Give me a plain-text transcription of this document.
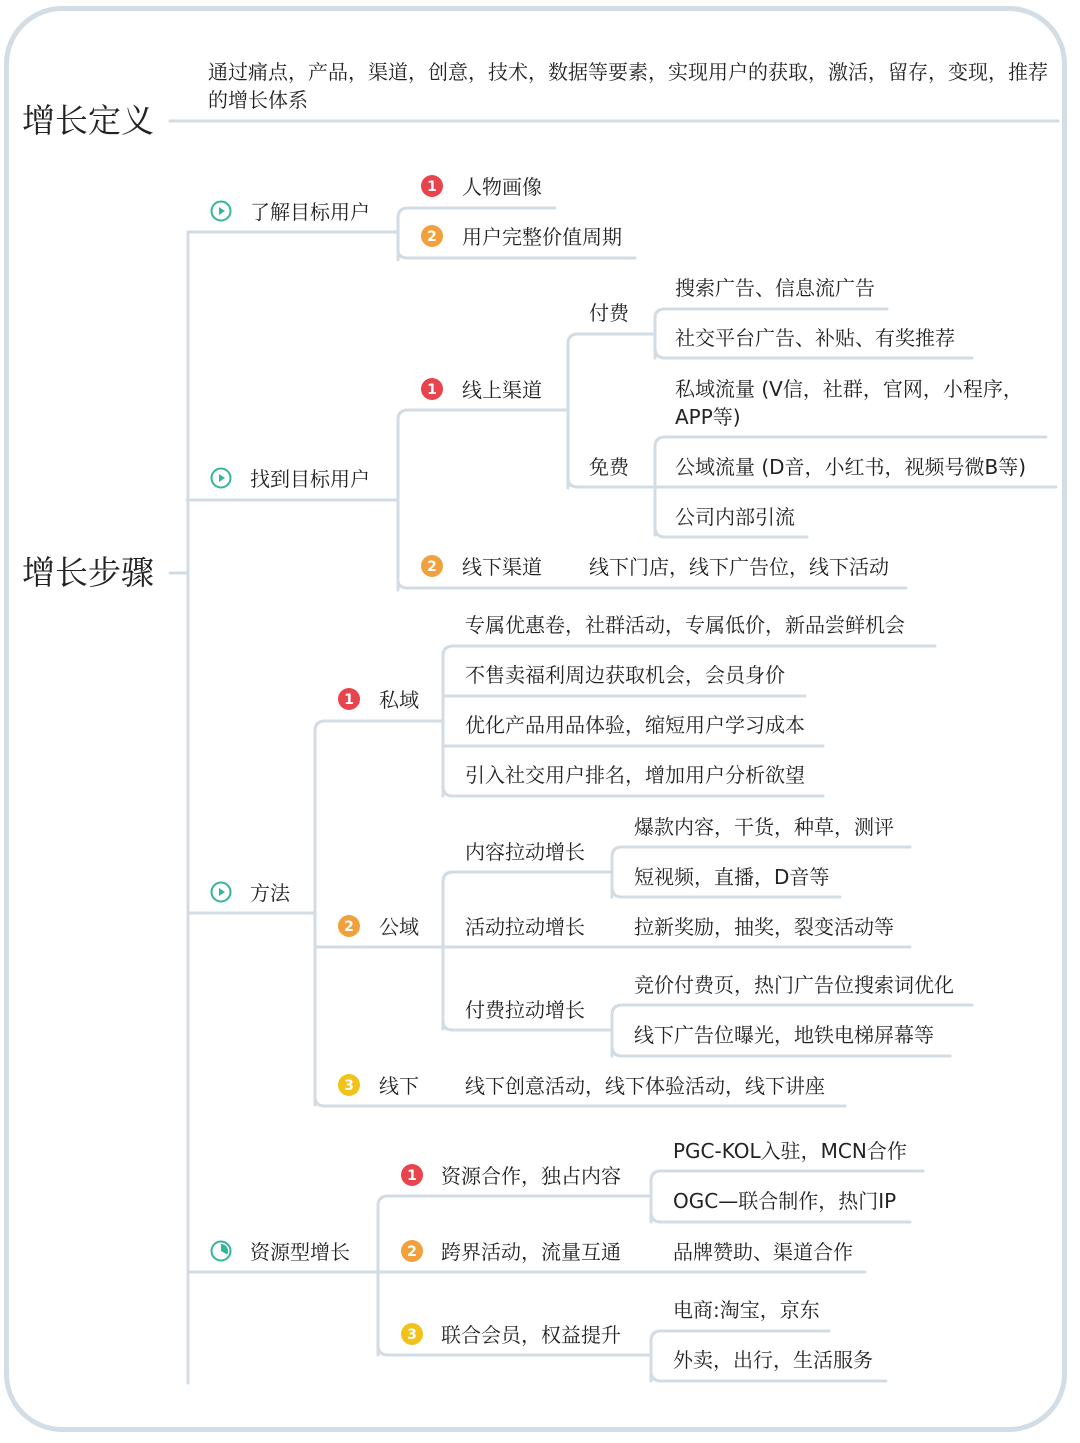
增长定义
通过痛点，产品，渠道，创意，技术，数据等要素，实现用户的获取，激活，留存，变现，推荐的增长体系
增长步骤
了解目标用户
1 人物画像
2 用户完整价值周期
找到目标用户
1 线上渠道
付费
搜索广告、信息流广告
社交平台广告、补贴、有奖推荐
免费
私域流量 (V信，社群，官网，小程序，APP等)
公域流量 (D音，小红书，视频号微B等)
公司内部引流
2 线下渠道 线下门店，线下广告位，线下活动
方法
1 私域
专属优惠卷，社群活动，专属低价，新品尝鲜机会
不售卖福利周边获取机会，会员身价
优化产品用品体验，缩短用户学习成本
引入社交用户排名，增加用户分析欲望
2 公域
内容拉动增长
爆款内容，干货，种草，测评
短视频，直播，D音等
活动拉动增长 拉新奖励，抽奖，裂变活动等
付费拉动增长
竞价付费页，热门广告位搜索词优化
线下广告位曝光，地铁电梯屏幕等
3 线下 线下创意活动，线下体验活动，线下讲座
资源型增长
1 资源合作，独占内容
PGC-KOL入驻，MCN合作
OGC—联合制作，热门IP
2 跨界活动，流量互通	品牌赞助、渠道合作
3 联合会员，权益提升
电商:淘宝，京东
外卖，出行，生活服务
